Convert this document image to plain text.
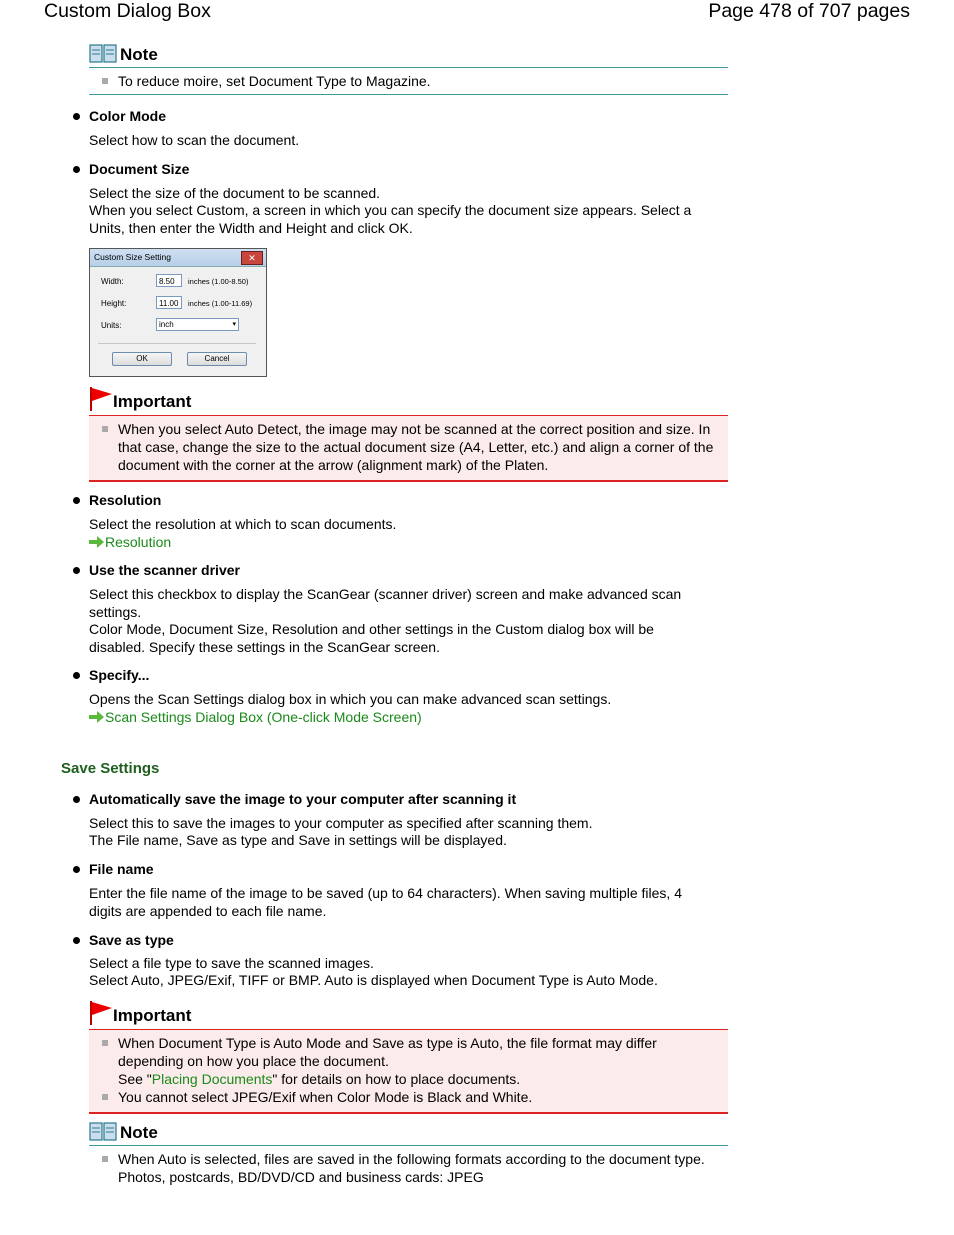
Custom Dialog Box	Page 478 of 707 pages
Note
To reduce moire, set Document Type to Magazine.
Color Mode
Select how to scan the document.
Document Size
Select the size of the document to be scanned.
When you select Custom, a screen in which you can specify the document size appears. Select a
Units, then enter the Width and Height and click OK.
Custom Size Setting	✕
Width:	8.50	inches (1.00-8.50)
Height:	11.00	inches (1.00-11.69)
Units:	inch	▾
OK	Cancel
Important
When you select Auto Detect, the image may not be scanned at the correct position and size. In
that case, change the size to the actual document size (A4, Letter, etc.) and align a corner of the
document with the corner at the arrow (alignment mark) of the Platen.
Resolution
Select the resolution at which to scan documents.
Resolution
Use the scanner driver
Select this checkbox to display the ScanGear (scanner driver) screen and make advanced scan
settings.
Color Mode, Document Size, Resolution and other settings in the Custom dialog box will be
disabled. Specify these settings in the ScanGear screen.
Specify...
Opens the Scan Settings dialog box in which you can make advanced scan settings.
Scan Settings Dialog Box (One-click Mode Screen)
Save Settings
Automatically save the image to your computer after scanning it
Select this to save the images to your computer as specified after scanning them.
The File name, Save as type and Save in settings will be displayed.
File name
Enter the file name of the image to be saved (up to 64 characters). When saving multiple files, 4
digits are appended to each file name.
Save as type
Select a file type to save the scanned images.
Select Auto, JPEG/Exif, TIFF or BMP. Auto is displayed when Document Type is Auto Mode.
Important
When Document Type is Auto Mode and Save as type is Auto, the file format may differ
depending on how you place the document.
See "Placing Documents" for details on how to place documents.
You cannot select JPEG/Exif when Color Mode is Black and White.
Note
When Auto is selected, files are saved in the following formats according to the document type.
Photos, postcards, BD/DVD/CD and business cards: JPEG
